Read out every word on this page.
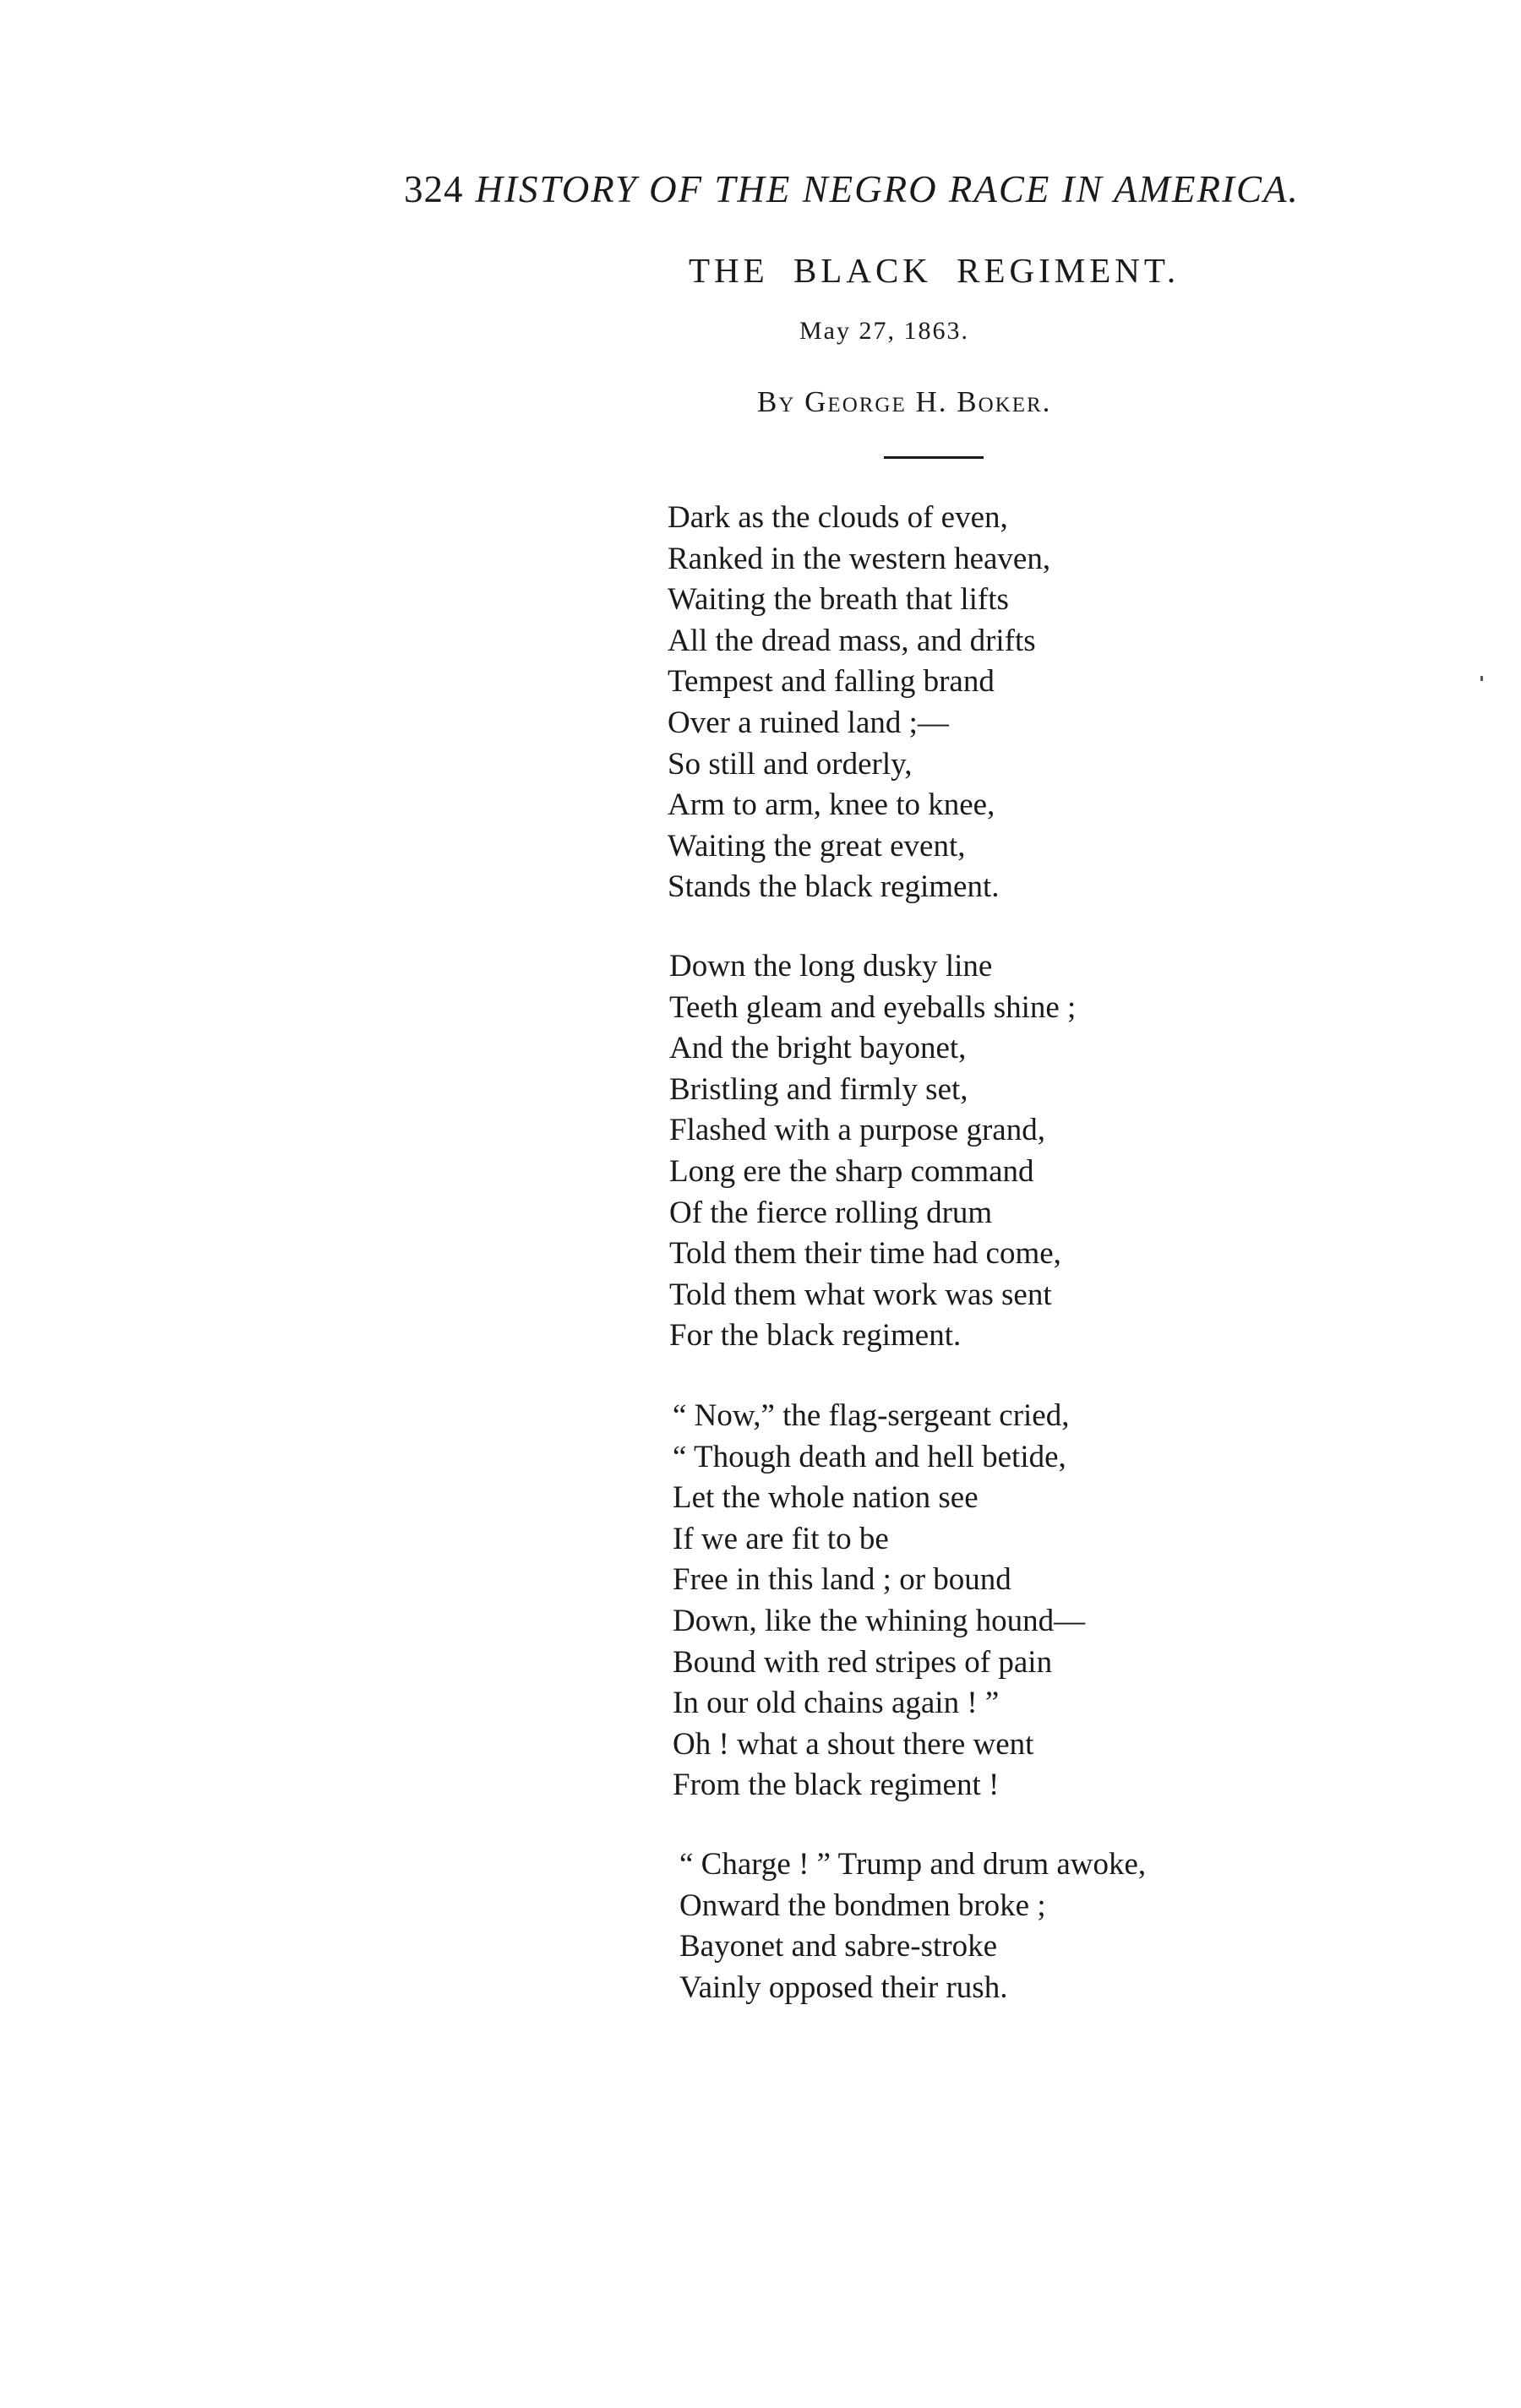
324 HISTORY OF THE NEGRO RACE IN AMERICA.
THE BLACK REGIMENT.
May 27, 1863.
By George H. Boker.
Dark as the clouds of even,
Ranked in the western heaven,
Waiting the breath that lifts
All the dread mass, and drifts
Tempest and falling brand
Over a ruined land ;—
So still and orderly,
Arm to arm, knee to knee,
Waiting the great event,
Stands the black regiment.
Down the long dusky line
Teeth gleam and eyeballs shine ;
And the bright bayonet,
Bristling and firmly set,
Flashed with a purpose grand,
Long ere the sharp command
Of the fierce rolling drum
Told them their time had come,
Told them what work was sent
For the black regiment.
“ Now,” the flag-sergeant cried,
“ Though death and hell betide,
Let the whole nation see
If we are fit to be
Free in this land ; or bound
Down, like the whining hound—
Bound with red stripes of pain
In our old chains again ! ”
Oh ! what a shout there went
From the black regiment !
“ Charge ! ” Trump and drum awoke,
Onward the bondmen broke ;
Bayonet and sabre-stroke
Vainly opposed their rush.
